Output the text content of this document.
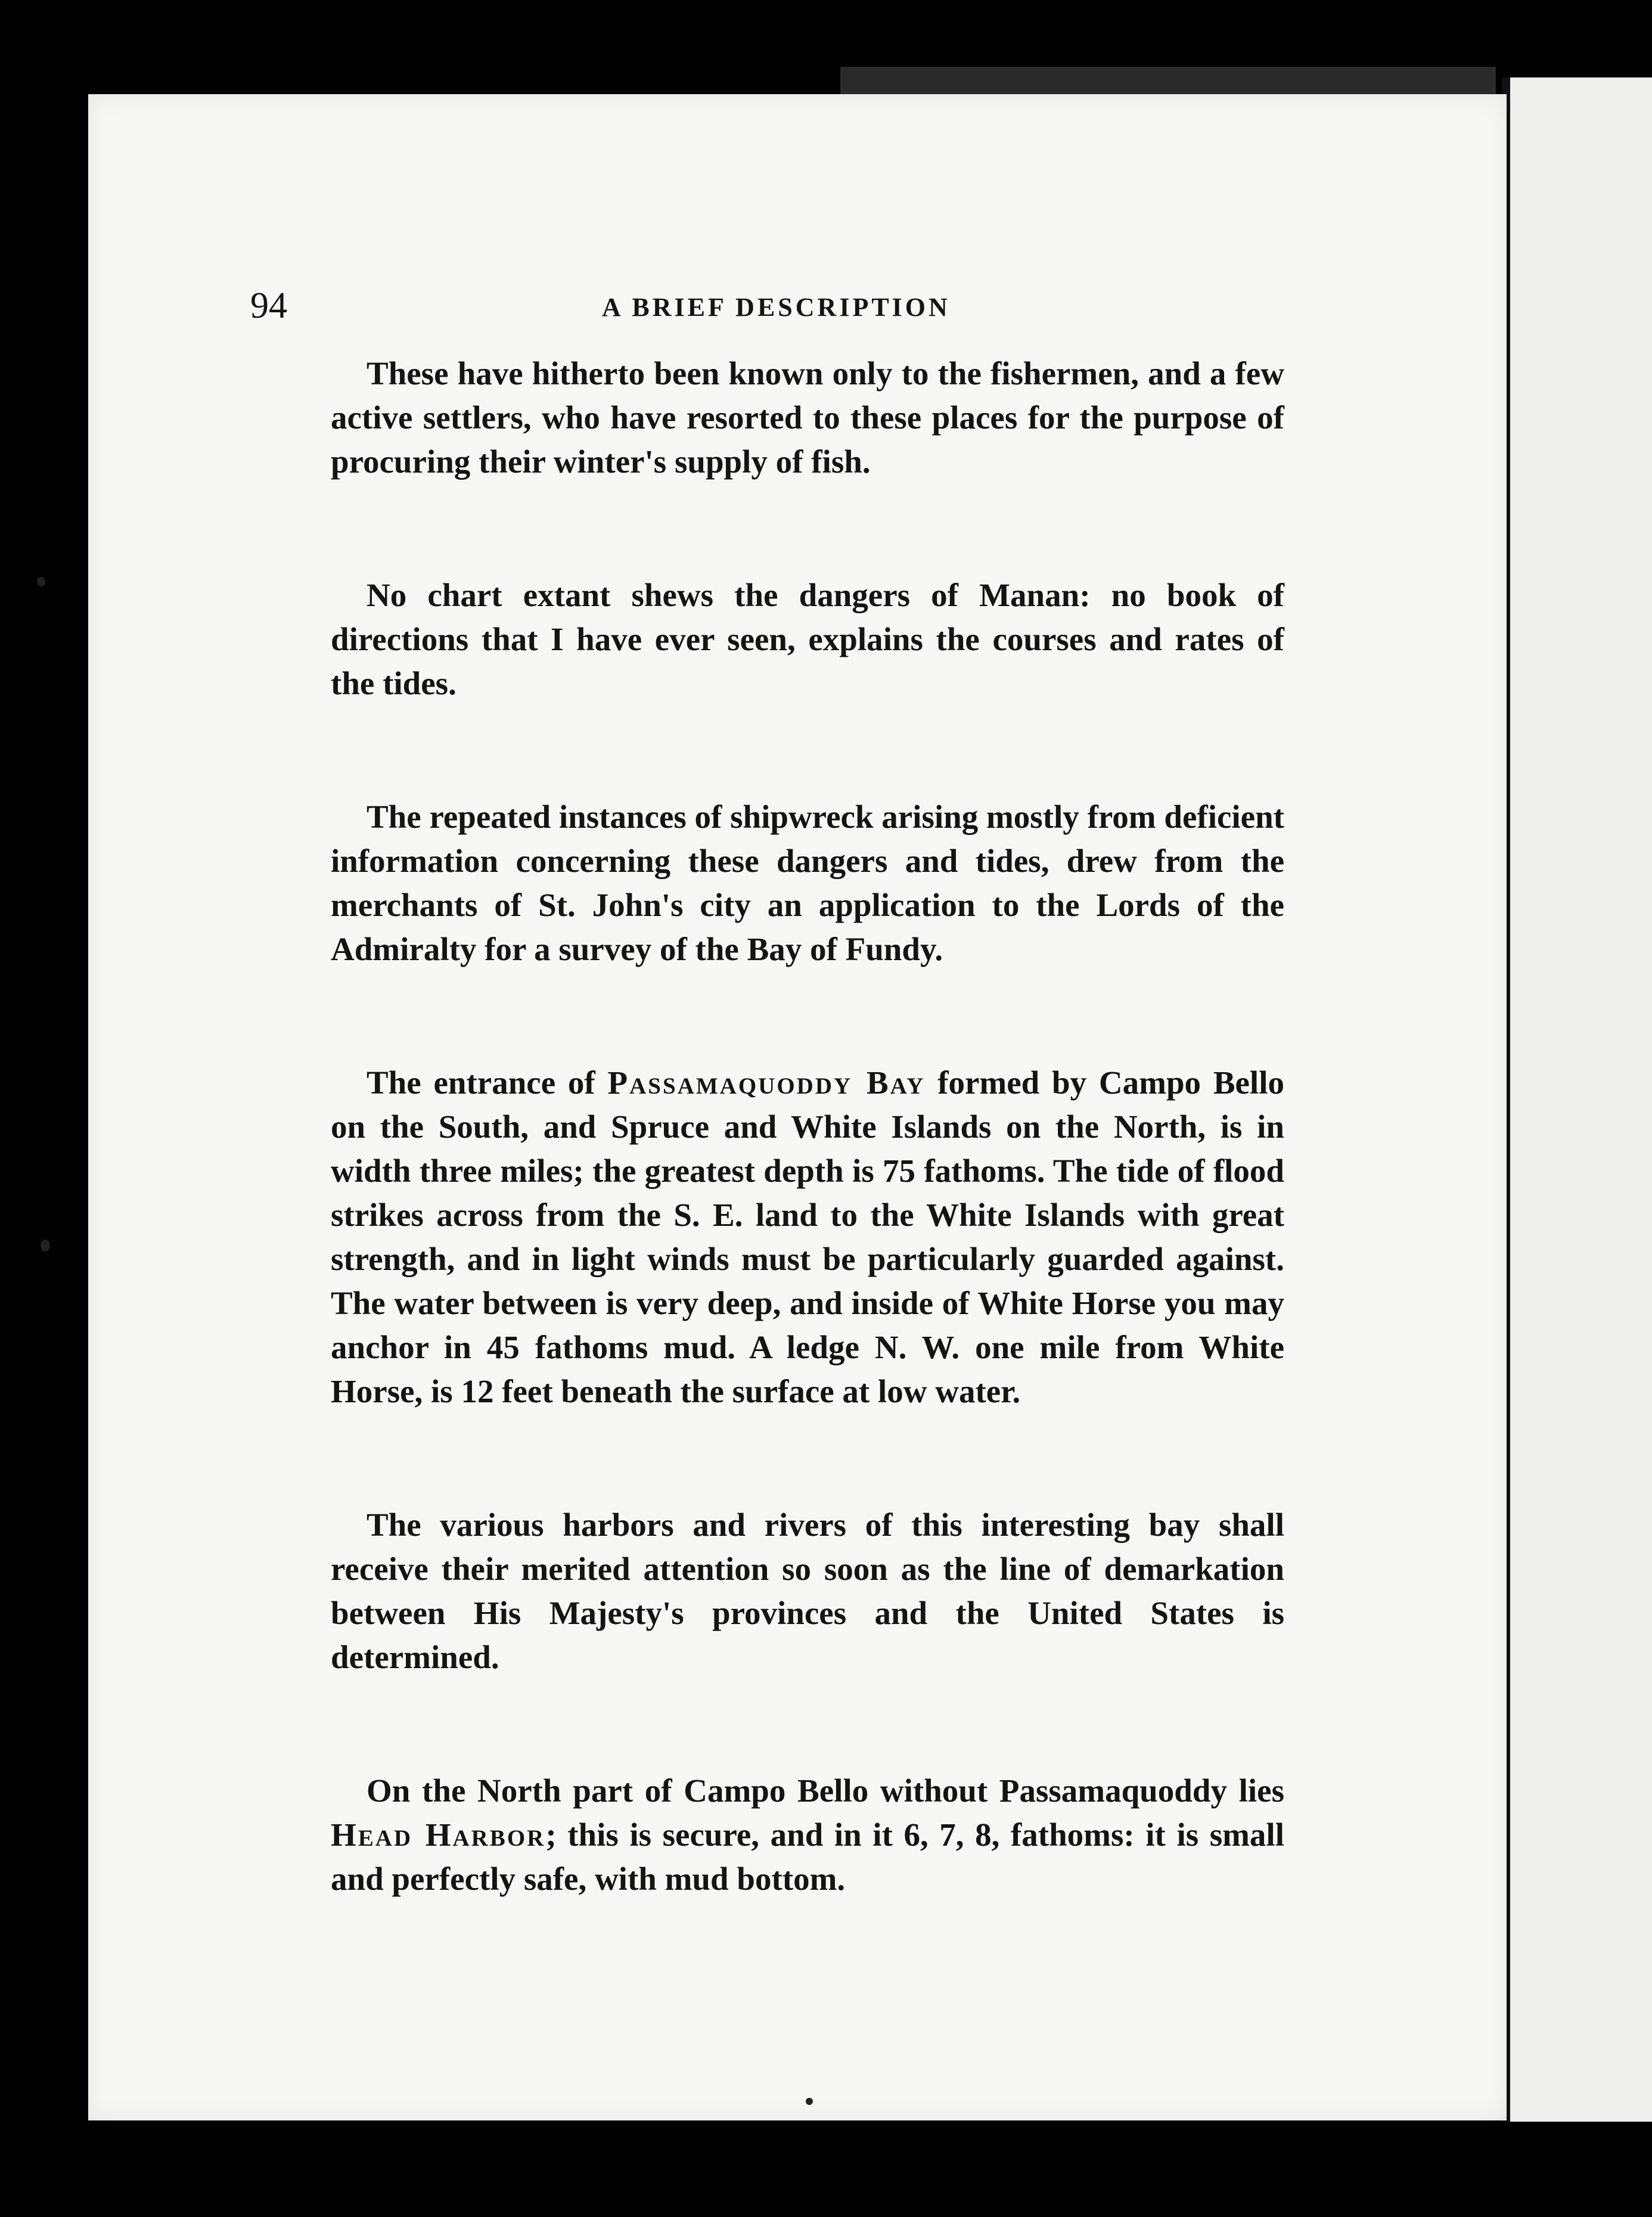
94	A BRIEF DESCRIPTION

These have hitherto been known only to the fishermen, and a few active settlers, who have resorted to these places for the purpose of procuring their winter's supply of fish.

No chart extant shews the dangers of Manan: no book of directions that I have ever seen, explains the courses and rates of the tides.

The repeated instances of shipwreck arising mostly from deficient information concerning these dangers and tides, drew from the merchants of St. John's city an application to the Lords of the Admiralty for a survey of the Bay of Fundy.

The entrance of Passamaquoddy Bay formed by Campo Bello on the South, and Spruce and White Islands on the North, is in width three miles; the greatest depth is 75 fathoms. The tide of flood strikes across from the S. E. land to the White Islands with great strength, and in light winds must be particularly guarded against. The water between is very deep, and inside of White Horse you may anchor in 45 fathoms mud. A ledge N. W. one mile from White Horse, is 12 feet beneath the surface at low water.

The various harbors and rivers of this interesting bay shall receive their merited attention so soon as the line of demarkation between His Majesty's provinces and the United States is determined.

On the North part of Campo Bello without Passamaquoddy lies Head Harbor; this is secure, and in it 6, 7, 8, fathoms: it is small and perfectly safe, with mud bottom.
